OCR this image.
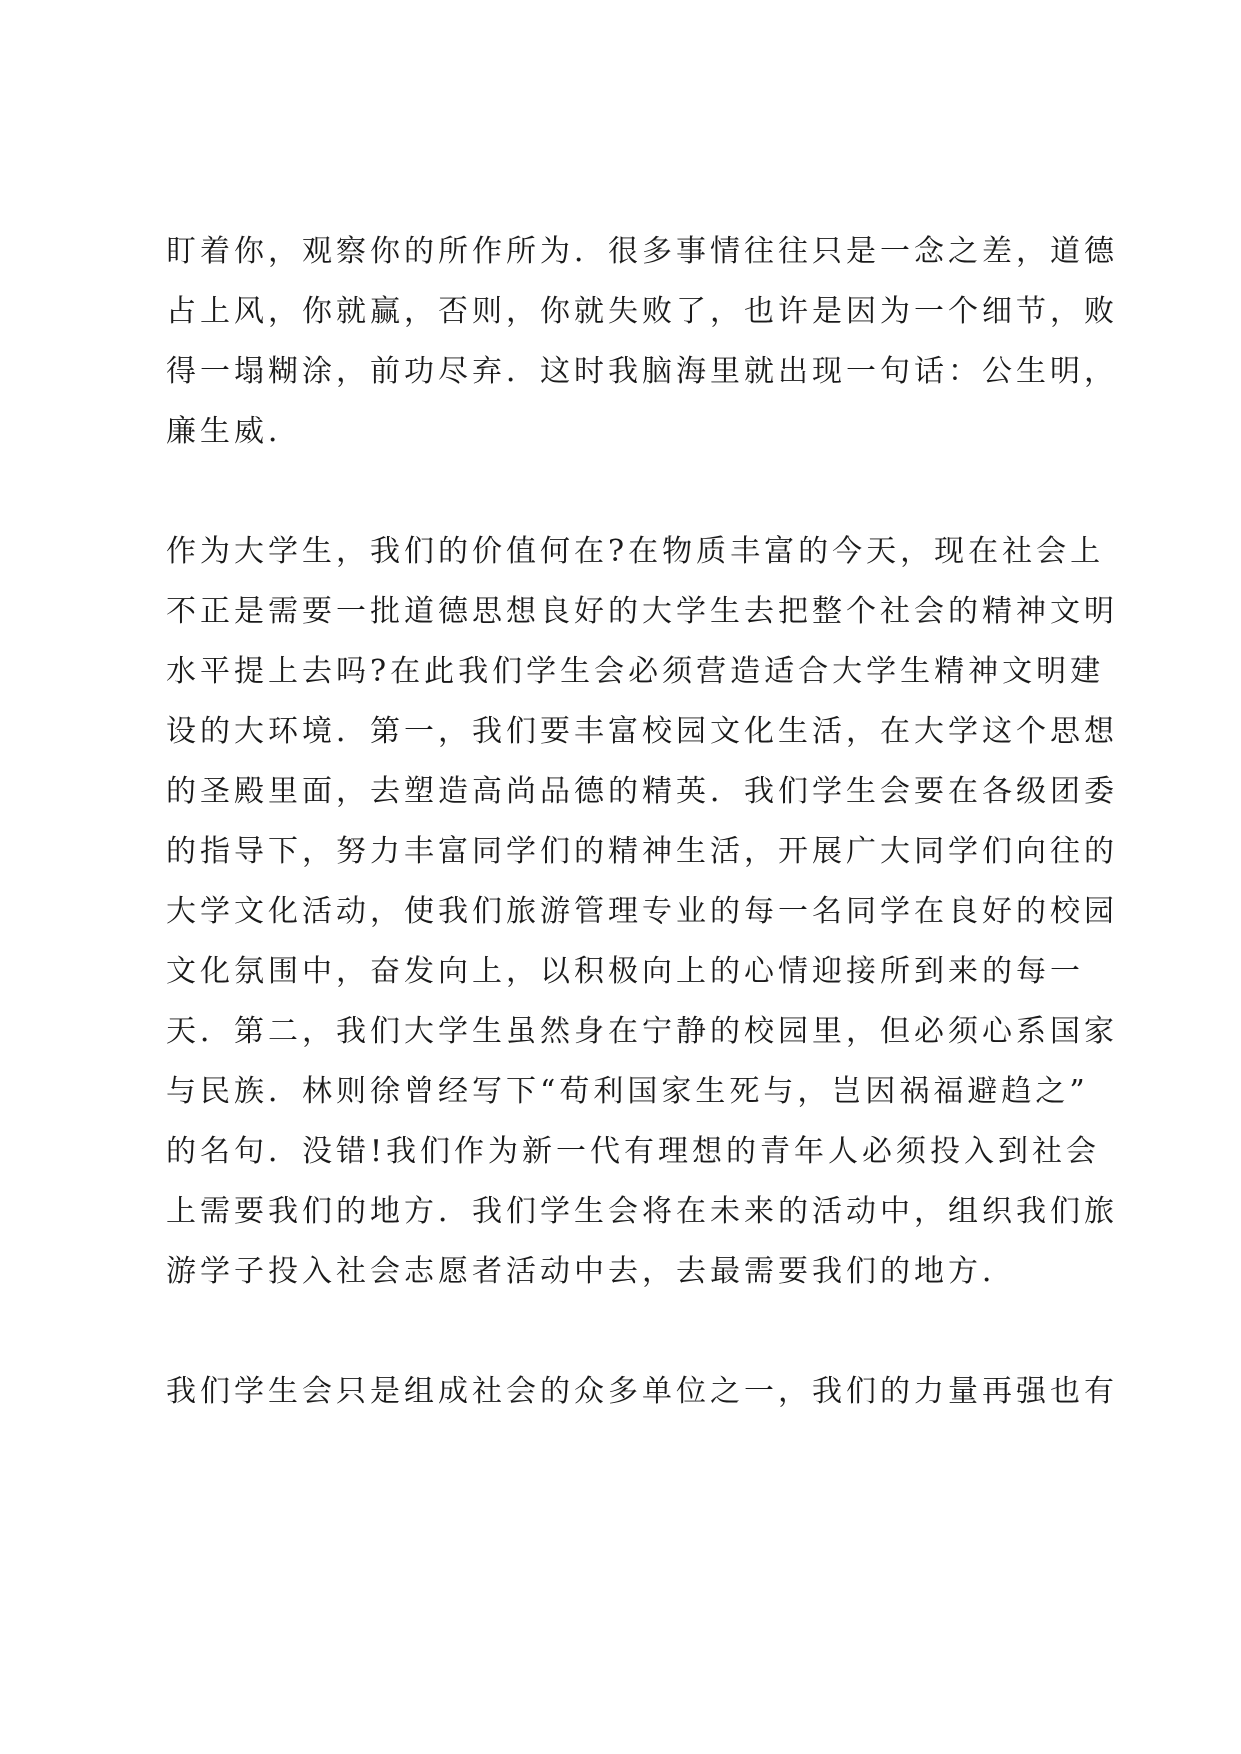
盯着你，观察你的所作所为．很多事情往往只是一念之差，道德
占上风，你就赢，否则，你就失败了，也许是因为一个细节，败
得一塌糊涂，前功尽弃．这时我脑海里就出现一句话：公生明，
廉生威．
作为大学生，我们的价值何在?在物质丰富的今天，现在社会上
不正是需要一批道德思想良好的大学生去把整个社会的精神文明
水平提上去吗?在此我们学生会必须营造适合大学生精神文明建
设的大环境．第一，我们要丰富校园文化生活，在大学这个思想
的圣殿里面，去塑造高尚品德的精英．我们学生会要在各级团委
的指导下，努力丰富同学们的精神生活，开展广大同学们向往的
大学文化活动，使我们旅游管理专业的每一名同学在良好的校园
文化氛围中，奋发向上，以积极向上的心情迎接所到来的每一
天．第二，我们大学生虽然身在宁静的校园里，但必须心系国家
与民族．林则徐曾经写下“苟利国家生死与，岂因祸福避趋之”
的名句．没错!我们作为新一代有理想的青年人必须投入到社会
上需要我们的地方．我们学生会将在未来的活动中，组织我们旅
游学子投入社会志愿者活动中去，去最需要我们的地方．
我们学生会只是组成社会的众多单位之一，我们的力量再强也有
